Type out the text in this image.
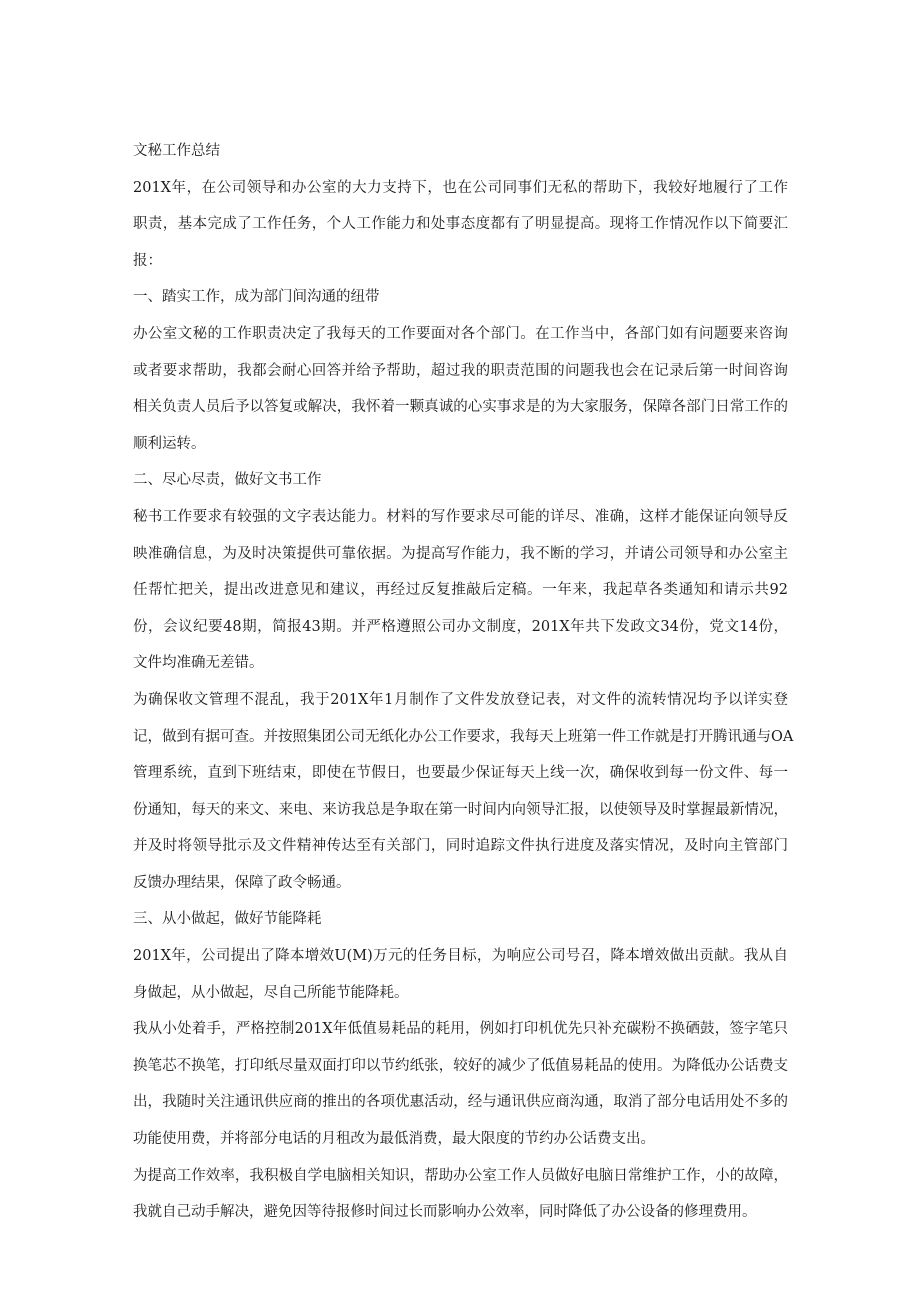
文秘工作总结
201X年，在公司领导和办公室的大力支持下，也在公司同事们无私的帮助下，我较好地履行了工作
职责，基本完成了工作任务，个人工作能力和处事态度都有了明显提高。现将工作情况作以下简要汇
报：
一、踏实工作，成为部门间沟通的纽带
办公室文秘的工作职责决定了我每天的工作要面对各个部门。在工作当中，各部门如有问题要来咨询
或者要求帮助，我都会耐心回答并给予帮助，超过我的职责范围的问题我也会在记录后第一时间咨询
相关负责人员后予以答复或解决，我怀着一颗真诚的心实事求是的为大家服务，保障各部门日常工作的
顺利运转。
二、尽心尽责，做好文书工作
秘书工作要求有较强的文字表达能力。材料的写作要求尽可能的详尽、准确，这样才能保证向领导反
映准确信息，为及时决策提供可靠依据。为提高写作能力，我不断的学习，并请公司领导和办公室主
任帮忙把关，提出改进意见和建议，再经过反复推敲后定稿。一年来，我起草各类通知和请示共92
份，会议纪要48期，简报43期。并严格遵照公司办文制度，201X年共下发政文34份，党文14份，
文件均准确无差错。
为确保收文管理不混乱，我于201X年1月制作了文件发放登记表，对文件的流转情况均予以详实登
记，做到有据可查。并按照集团公司无纸化办公工作要求，我每天上班第一件工作就是打开腾讯通与OA
管理系统，直到下班结束，即使在节假日，也要最少保证每天上线一次，确保收到每一份文件、每一
份通知，每天的来文、来电、来访我总是争取在第一时间内向领导汇报，以使领导及时掌握最新情况，
并及时将领导批示及文件精神传达至有关部门，同时追踪文件执行进度及落实情况，及时向主管部门
反馈办理结果，保障了政令畅通。
三、从小做起，做好节能降耗
201X年，公司提出了降本增效U(M)万元的任务目标，为响应公司号召，降本增效做出贡献。我从自
身做起，从小做起，尽自己所能节能降耗。
我从小处着手，严格控制201X年低值易耗品的耗用，例如打印机优先只补充碳粉不换硒鼓，签字笔只
换笔芯不换笔，打印纸尽量双面打印以节约纸张，较好的减少了低值易耗品的使用。为降低办公话费支
出，我随时关注通讯供应商的推出的各项优惠活动，经与通讯供应商沟通，取消了部分电话用处不多的
功能使用费，并将部分电话的月租改为最低消费，最大限度的节约办公话费支出。
为提高工作效率，我积极自学电脑相关知识，帮助办公室工作人员做好电脑日常维护工作，小的故障，
我就自己动手解决，避免因等待报修时间过长而影响办公效率，同时降低了办公设备的修理费用。
